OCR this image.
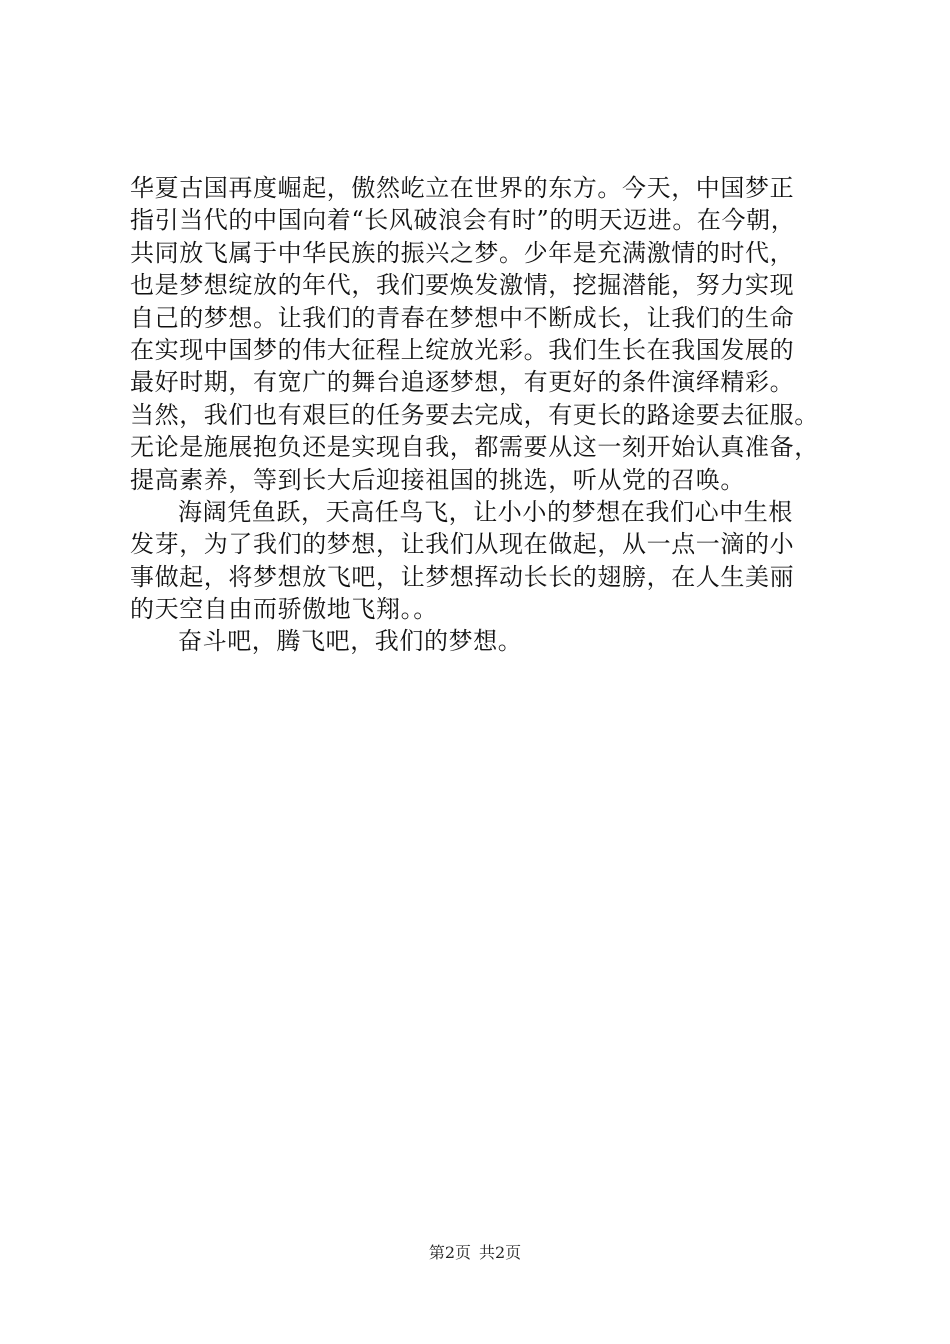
华夏古国再度崛起，傲然屹立在世界的东方。今天，中国梦正
指引当代的中国向着“长风破浪会有时”的明天迈进。在今朝，
共同放飞属于中华民族的振兴之梦。少年是充满激情的时代，
也是梦想绽放的年代，我们要焕发激情，挖掘潜能，努力实现
自己的梦想。让我们的青春在梦想中不断成长，让我们的生命
在实现中国梦的伟大征程上绽放光彩。我们生长在我国发展的
最好时期，有宽广的舞台追逐梦想，有更好的条件演绎精彩。
当然，我们也有艰巨的任务要去完成，有更长的路途要去征服。
无论是施展抱负还是实现自我，都需要从这一刻开始认真准备，
提高素养，等到长大后迎接祖国的挑选，听从党的召唤。
海阔凭鱼跃，天高任鸟飞，让小小的梦想在我们心中生根
发芽，为了我们的梦想，让我们从现在做起，从一点一滴的小
事做起，将梦想放飞吧，让梦想挥动长长的翅膀，在人生美丽
的天空自由而骄傲地飞翔。。
奋斗吧，腾飞吧，我们的梦想。
第2页 共2页
